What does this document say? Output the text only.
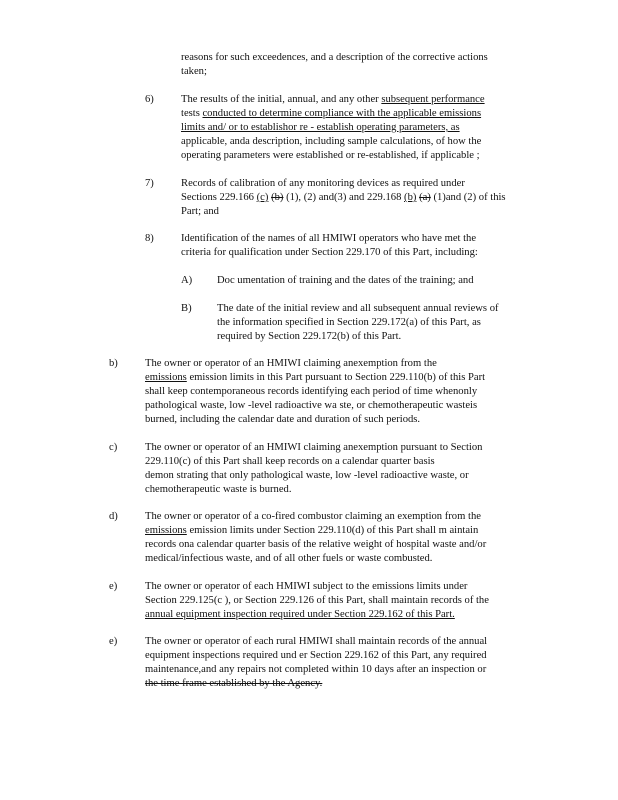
reasons for such exceedences, and a description of the corrective actions
taken;
6)	The results of the initial, annual, and any other subsequent performance
tests conducted to determine compliance with the applicable emissions
limits and/ or to establishor re - establish operating parameters, as
applicable, anda description, including sample calculations, of how the
operating parameters were established or re-established, if applicable ;
7)	Records of calibration of any monitoring devices as required under
Sections 229.166 (c) (b) (1), (2) and(3) and 229.168 (b) (a) (1)and (2) of this
Part; and
8)	Identification of the names of all HMIWI operators who have met the
criteria for qualification under Section 229.170 of this Part, including:
A) Doc umentation of training and the dates of the training; and
B) The date of the initial review and all subsequent annual reviews of
the information specified in Section 229.172(a) of this Part, as
required by Section 229.172(b) of this Part.
b)	The owner or operator of an HMIWI claiming anexemption from the
emissions emission limits in this Part pursuant to Section 229.110(b) of this Part
shall keep contemporaneous records identifying each period of time whenonly
pathological waste, low -level radioactive wa ste, or chemotherapeutic wasteis
burned, including the calendar date and duration of such periods.
c)	The owner or operator of an HMIWI claiming anexemption pursuant to Section
229.110(c) of this Part shall keep records on a calendar quarter basis
demon strating that only pathological waste, low -level radioactive waste, or
chemotherapeutic waste is burned.
d)	The owner or operator of a co-fired combustor claiming an exemption from the
emissions emission limits under Section 229.110(d) of this Part shall m aintain
records ona calendar quarter basis of the relative weight of hospital waste and/or
medical/infectious waste, and of all other fuels or waste combusted.
e)	The owner or operator of each HMIWI subject to the emissions limits under
Section 229.125(c ), or Section 229.126 of this Part, shall maintain records of the
annual equipment inspection required under Section 229.162 of this Part.
e)	The owner or operator of each rural HMIWI shall maintain records of the annual
equipment inspections required und er Section 229.162 of this Part, any required
maintenance,and any repairs not completed within 10 days after an inspection or
the time frame established by the Agency.
